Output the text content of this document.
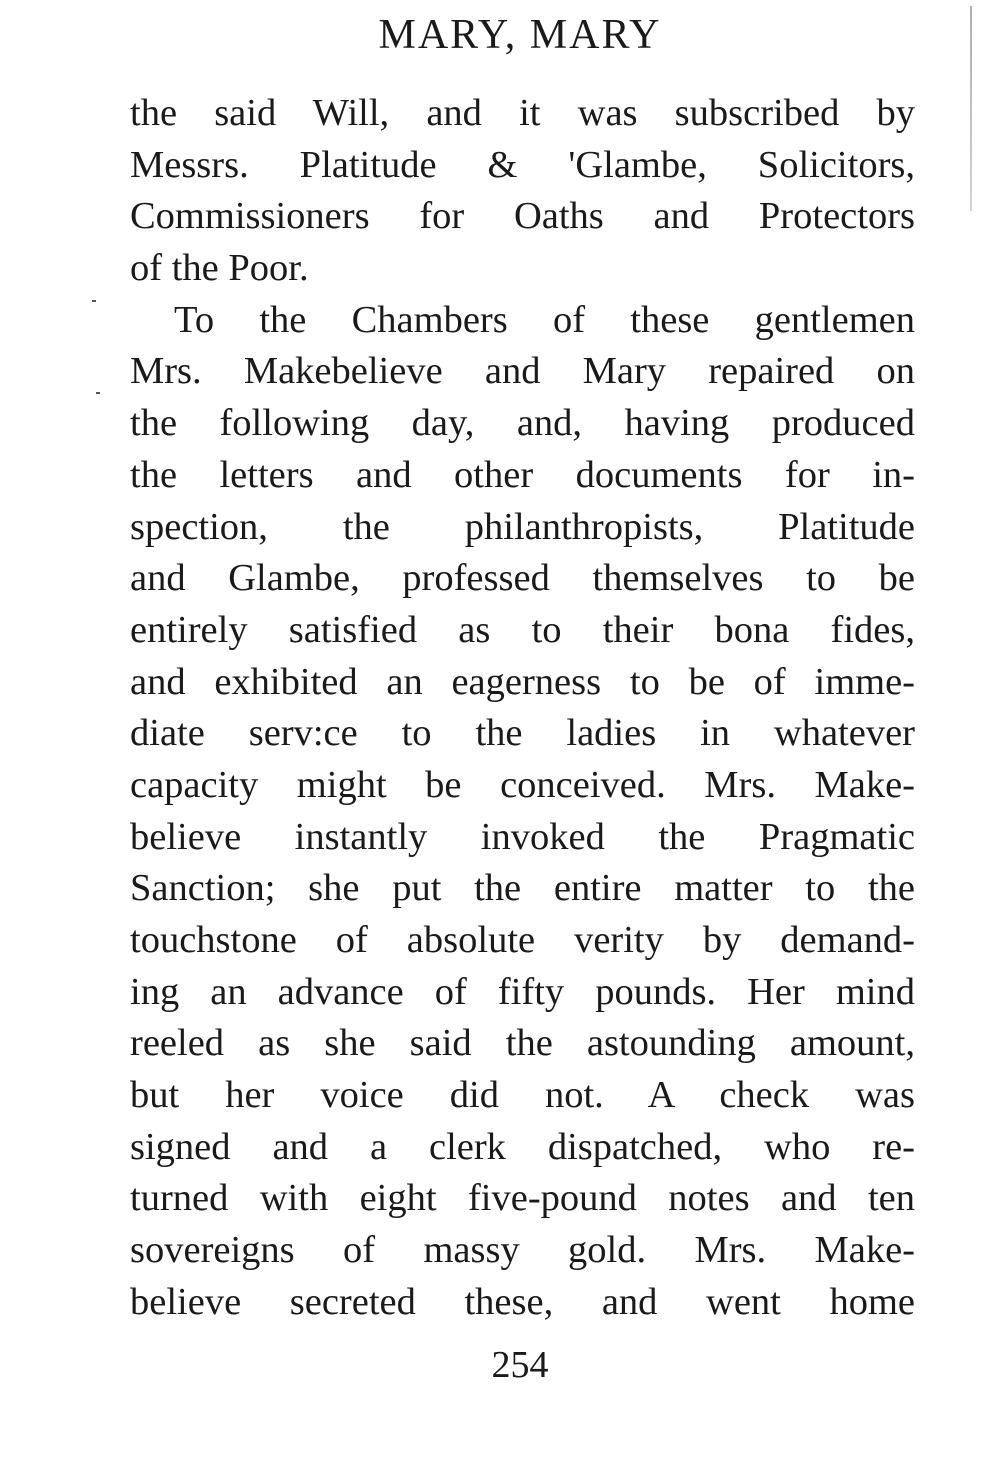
MARY, MARY
the said Will, and it was subscribed by
Messrs. Platitude & 'Glambe, Solicitors,
Commissioners for Oaths and Protectors
of the Poor.
To the Chambers of these gentlemen
Mrs. Makebelieve and Mary repaired on
the following day, and, having produced
the letters and other documents for in-
spection, the philanthropists, Platitude
and Glambe, professed themselves to be
entirely satisfied as to their bona fides,
and exhibited an eagerness to be of imme-
diate serv:ce to the ladies in whatever
capacity might be conceived. Mrs. Make-
believe instantly invoked the Pragmatic
Sanction; she put the entire matter to the
touchstone of absolute verity by demand-
ing an advance of fifty pounds. Her mind
reeled as she said the astounding amount,
but her voice did not. A check was
signed and a clerk dispatched, who re-
turned with eight five-pound notes and ten
sovereigns of massy gold. Mrs. Make-
believe secreted these, and went home
254
